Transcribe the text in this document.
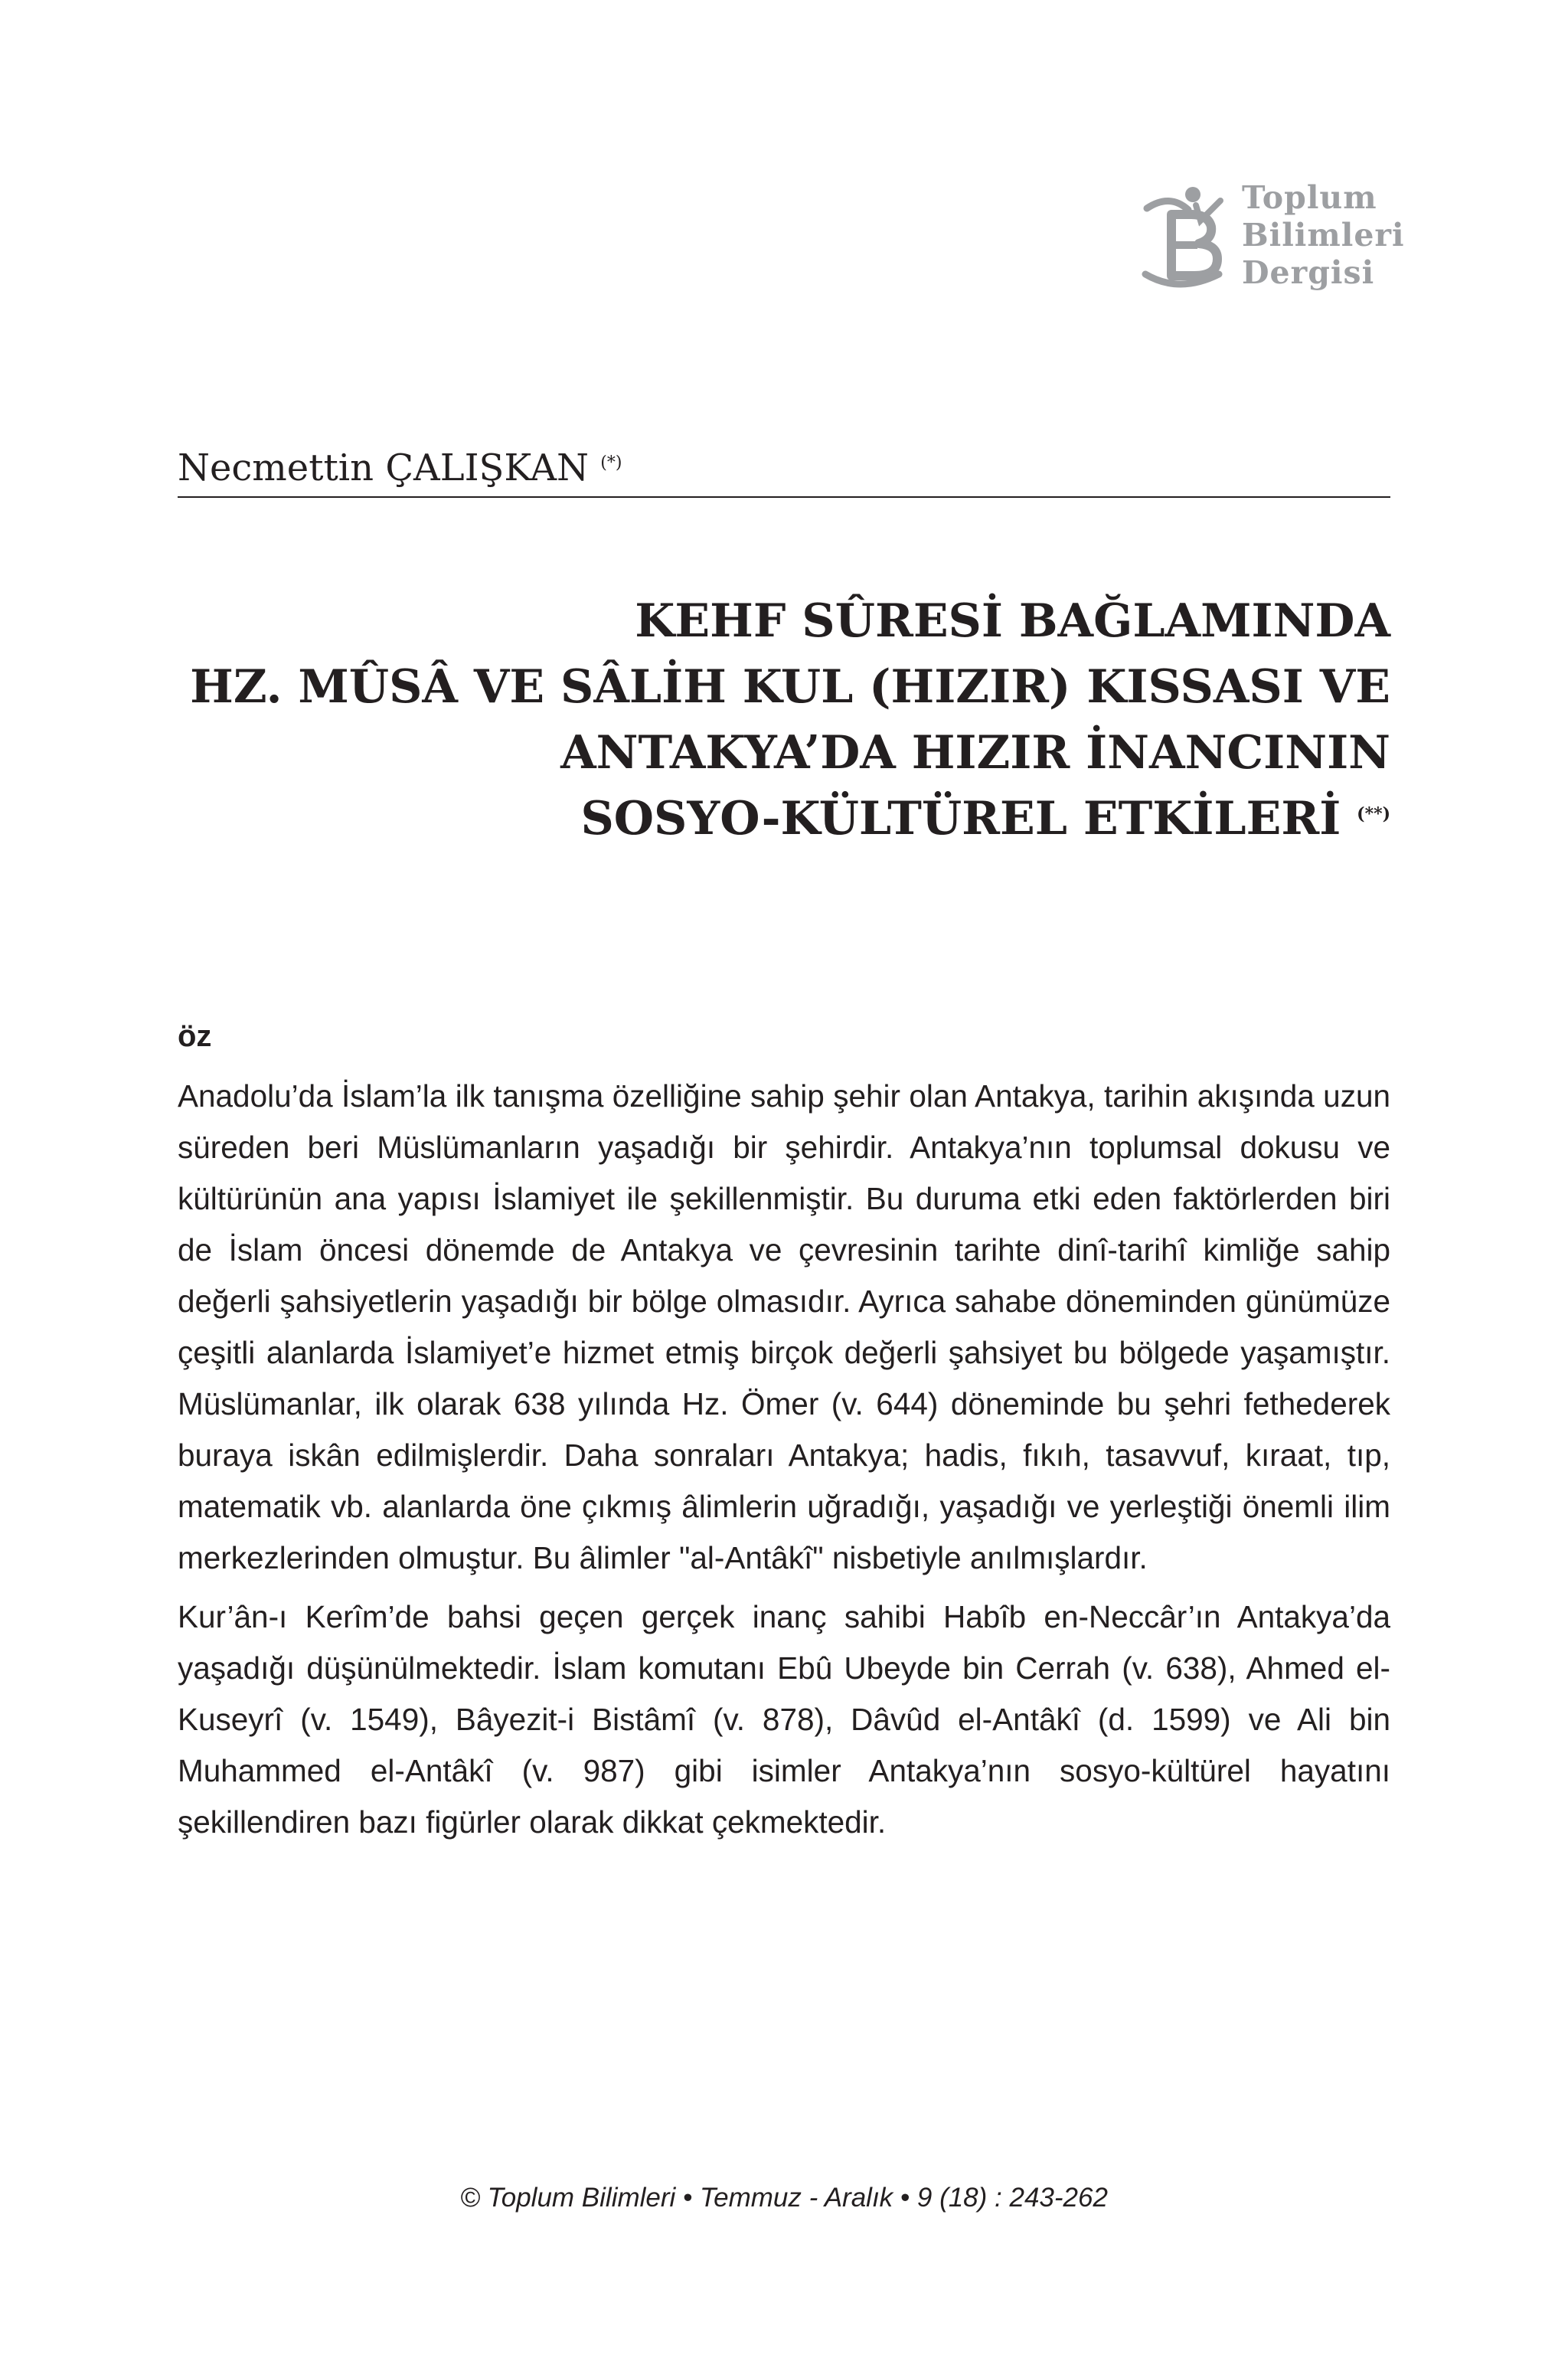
Toplum
Bilimleri
Dergisi
Necmettin ÇALIŞKAN (*)
KEHF SÛRESİ BAĞLAMINDA
HZ. MÛSÂ VE SÂLİH KUL (HIZIR) KISSASI VE
ANTAKYA’DA HIZIR İNANCININ
SOSYO-KÜLTÜREL ETKİLERİ (**)
öz

Anadolu’da İslam’la ilk tanışma özelliğine sahip şehir olan Antakya, tarihin akışında uzun süreden beri Müslümanların yaşadığı bir şehirdir. Antakya’nın toplumsal dokusu ve kültürünün ana yapısı İslamiyet ile şekillenmiştir. Bu duruma etki eden faktörlerden biri de İslam öncesi dönemde de Antakya ve çevresinin tarihte dinî-tarihî kimliğe sahip değerli şahsiyetlerin yaşadığı bir bölge olmasıdır. Ayrıca sahabe döneminden günümüze çeşitli alanlarda İslamiyet’e hizmet etmiş birçok değerli şahsiyet bu bölgede yaşamıştır. Müslümanlar, ilk olarak 638 yılında Hz. Ömer (v. 644) döneminde bu şehri fethederek buraya iskân edilmişlerdir. Daha sonraları Antakya; hadis, fıkıh, tasavvuf, kıraat, tıp, matematik vb. alanlarda öne çıkmış âlimlerin uğradığı, yaşadığı ve yerleştiği önemli ilim merkezlerinden olmuştur. Bu âlimler "al-Antâkî" nisbetiyle anılmışlardır.

Kur’ân-ı Kerîm’de bahsi geçen gerçek inanç sahibi Habîb en-Neccâr’ın Antakya’da yaşadığı düşünülmektedir. İslam komutanı Ebû Ubeyde bin Cerrah (v. 638), Ahmed el-Kuseyrî (v. 1549), Bâyezit-i Bistâmî (v. 878), Dâvûd el-Antâkî (d. 1599) ve Ali bin Muhammed el-Antâkî (v. 987) gibi isimler Antakya’nın sosyo-kültürel hayatını şekillendiren bazı figürler olarak dikkat çekmektedir.

© Toplum Bilimleri • Temmuz - Aralık • 9 (18) : 243-262
